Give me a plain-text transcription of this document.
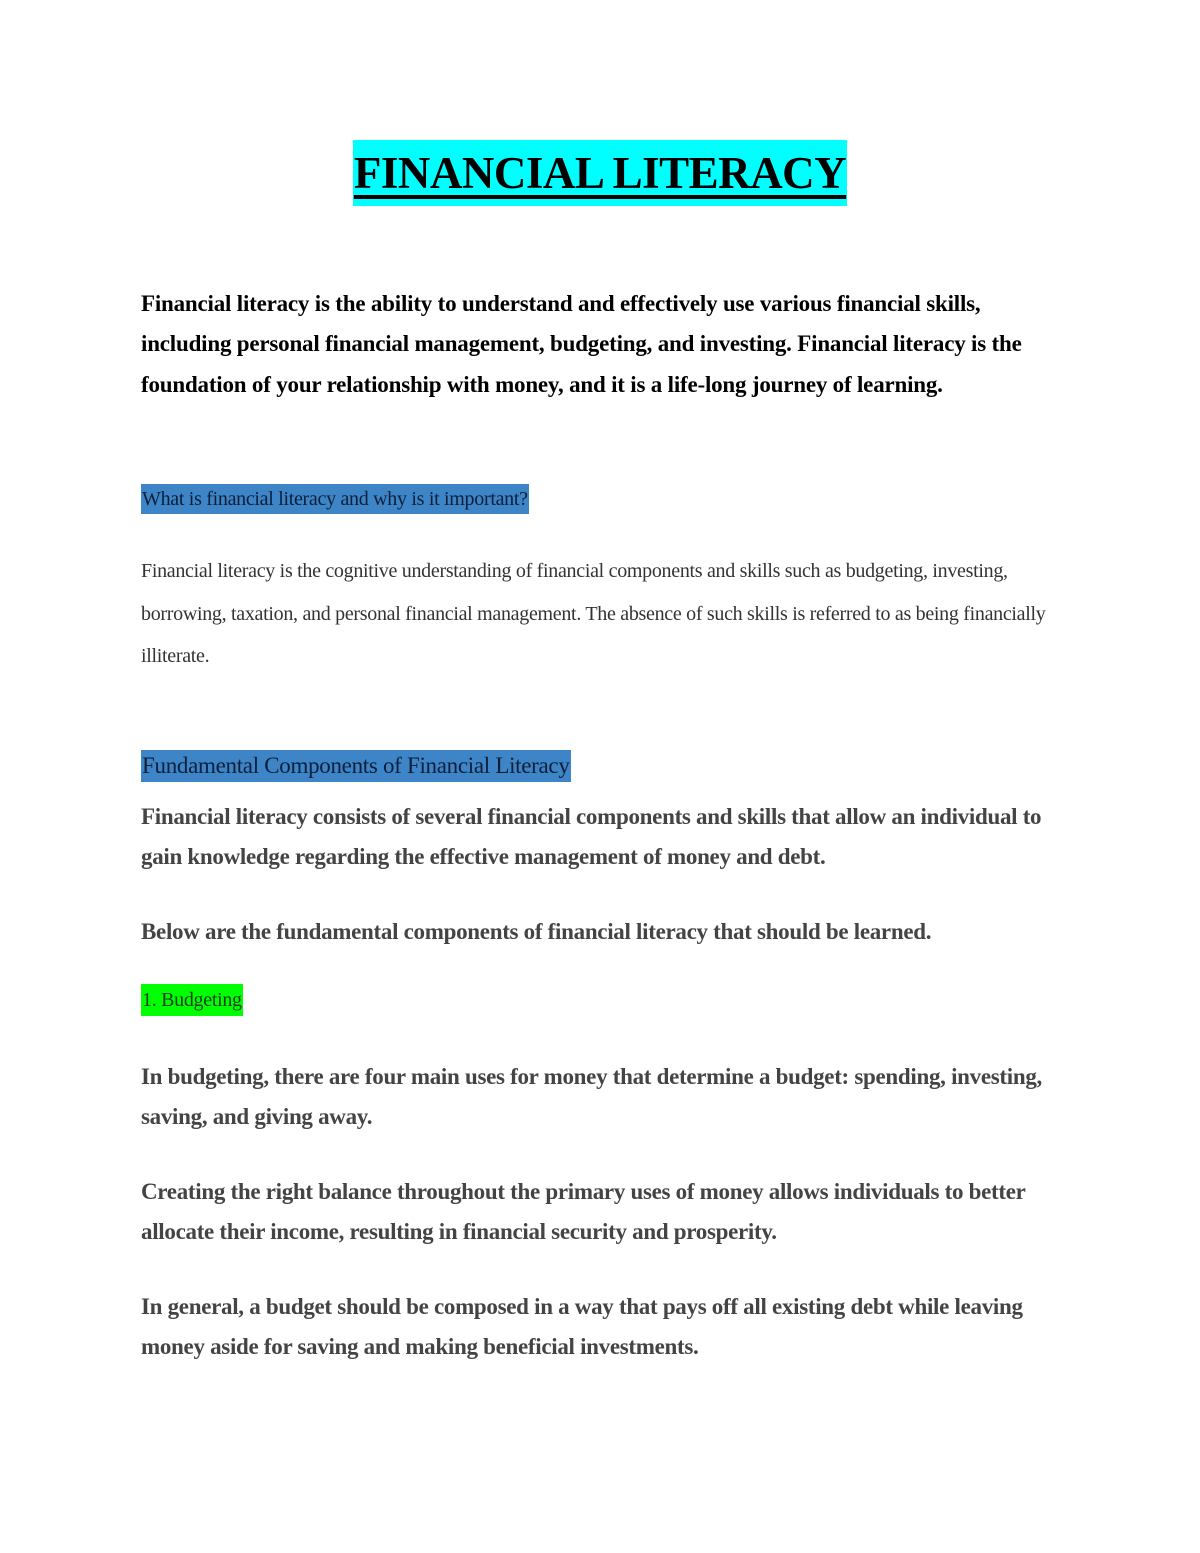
FINANCIAL LITERACY

Financial literacy is the ability to understand and effectively use various financial skills, including personal financial management, budgeting, and investing. Financial literacy is the foundation of your relationship with money, and it is a life-long journey of learning.

What is financial literacy and why is it important?

Financial literacy is the cognitive understanding of financial components and skills such as budgeting, investing, borrowing, taxation, and personal financial management. The absence of such skills is referred to as being financially illiterate.

Fundamental Components of Financial Literacy

Financial literacy consists of several financial components and skills that allow an individual to gain knowledge regarding the effective management of money and debt.

Below are the fundamental components of financial literacy that should be learned.

1. Budgeting

In budgeting, there are four main uses for money that determine a budget: spending, investing, saving, and giving away.

Creating the right balance throughout the primary uses of money allows individuals to better allocate their income, resulting in financial security and prosperity.

In general, a budget should be composed in a way that pays off all existing debt while leaving money aside for saving and making beneficial investments.
